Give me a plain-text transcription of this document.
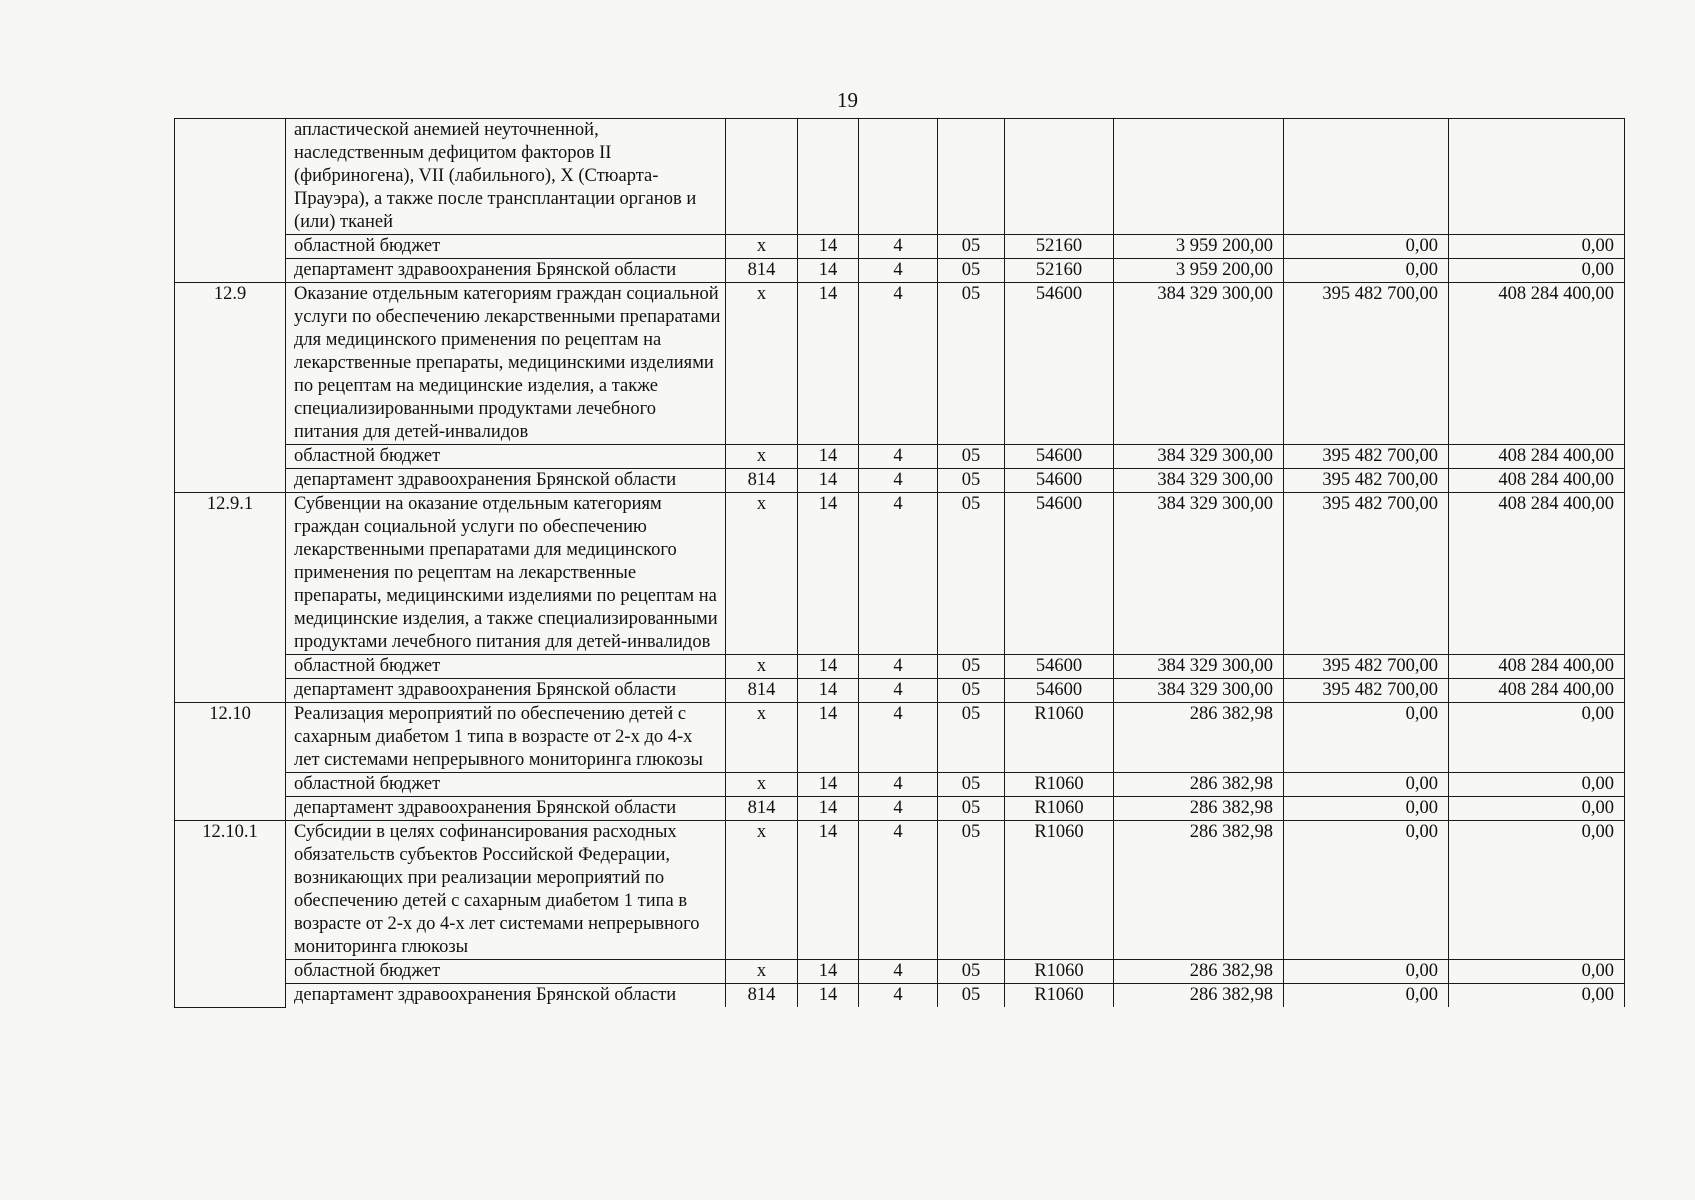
19
	апластической анемией неуточненной, наследственным дефицитом факторов II (фибриногена), VII (лабильного), X (Стюарта-Прауэра), а также после трансплантации органов и (или) тканей								
	областной бюджет	х	14	4	05	52160	3 959 200,00	0,00	0,00
	департамент здравоохранения Брянской области	814	14	4	05	52160	3 959 200,00	0,00	0,00
12.9	Оказание отдельным категориям граждан социальной услуги по обеспечению лекарственными препаратами для медицинского применения по рецептам на лекарственные препараты, медицинскими изделиями по рецептам на медицинские изделия, а также специализированными продуктами лечебного питания для детей-инвалидов	х	14	4	05	54600	384 329 300,00	395 482 700,00	408 284 400,00
	областной бюджет	х	14	4	05	54600	384 329 300,00	395 482 700,00	408 284 400,00
	департамент здравоохранения Брянской области	814	14	4	05	54600	384 329 300,00	395 482 700,00	408 284 400,00
12.9.1	Субвенции на оказание отдельным категориям граждан социальной услуги по обеспечению лекарственными препаратами для медицинского применения по рецептам на лекарственные препараты, медицинскими изделиями по рецептам на медицинские изделия, а также специализированными продуктами лечебного питания для детей-инвалидов	х	14	4	05	54600	384 329 300,00	395 482 700,00	408 284 400,00
	областной бюджет	х	14	4	05	54600	384 329 300,00	395 482 700,00	408 284 400,00
	департамент здравоохранения Брянской области	814	14	4	05	54600	384 329 300,00	395 482 700,00	408 284 400,00
12.10	Реализация мероприятий по обеспечению детей с сахарным диабетом 1 типа в возрасте от 2-х до 4-х лет системами непрерывного мониторинга глюкозы	х	14	4	05	R1060	286 382,98	0,00	0,00
	областной бюджет	х	14	4	05	R1060	286 382,98	0,00	0,00
	департамент здравоохранения Брянской области	814	14	4	05	R1060	286 382,98	0,00	0,00
12.10.1	Субсидии в целях софинансирования расходных обязательств субъектов Российской Федерации, возникающих при реализации мероприятий по обеспечению детей с сахарным диабетом 1 типа в возрасте от 2-х до 4-х лет системами непрерывного мониторинга глюкозы	х	14	4	05	R1060	286 382,98	0,00	0,00
	областной бюджет	х	14	4	05	R1060	286 382,98	0,00	0,00
	департамент здравоохранения Брянской области	814	14	4	05	R1060	286 382,98	0,00	0,00
